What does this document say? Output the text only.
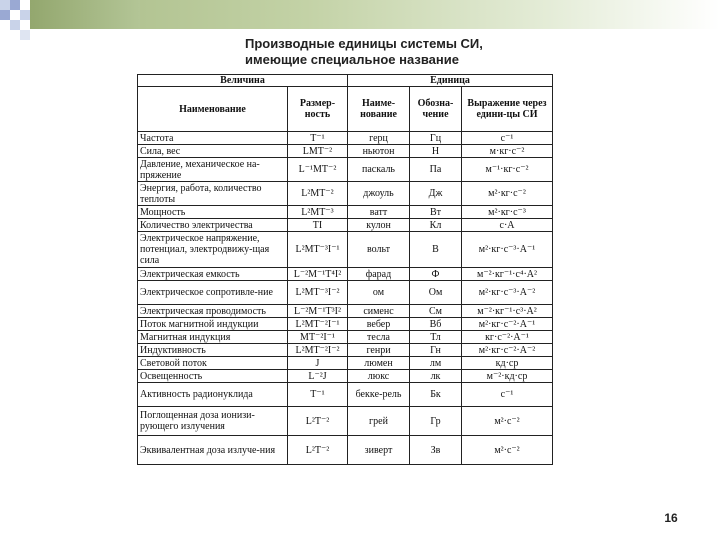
Производные единицы системы СИ,
имеющие специальное название
Величина		Единица		
Наименование	Размер-ность	Наиме-нование	Обозна-чение	Выражение через едини-цы СИ
Частота	T⁻¹	герц	Гц	с⁻¹
Сила, вес	LMT⁻²	ньютон	Н	м·кг·с⁻²
Давление, механическое на-пряжение	L⁻¹MT⁻²	паскаль	Па	м⁻¹·кг·с⁻²
Энергия, работа, количество теплоты	L²MT⁻²	джоуль	Дж	м²·кг·с⁻²
Мощность	L²MT⁻³	ватт	Вт	м²·кг·с⁻³
Количество электричества	TI	кулон	Кл	с·А
Электрическое напряжение, потенциал, электродвижу-щая сила	L²MT⁻³I⁻¹	вольт	В	м²·кг·с⁻³·А⁻¹
Электрическая емкость	L⁻²M⁻¹T⁴I²	фарад	Ф	м⁻²·кг⁻¹·с⁴·А²
Электрическое сопротивле-ние	L²MT⁻³I⁻²	ом	Ом	м²·кг·с⁻³·А⁻²
Электрическая проводимость	L⁻²M⁻¹T³I²	сименс	См	м⁻²·кг⁻¹·с³·А²
Поток магнитной индукции	L²MT⁻²I⁻¹	вебер	Вб	м²·кг·с⁻²·А⁻¹
Магнитная индукция	MT⁻²I⁻¹	тесла	Тл	кг·с⁻²·А⁻¹
Индуктивность	L²MT⁻²I⁻²	генри	Гн	м²·кг·с⁻²·А⁻²
Световой поток	J	люмен	лм	кд·ср
Освещенность	L⁻²J	люкс	лк	м⁻²·кд·ср
Активность радионуклида	T⁻¹	беккe-рель	Бк	с⁻¹
Поглощенная доза ионизи-рующего излучения	L²T⁻²	грей	Гр	м²·с⁻²
Эквивалентная доза излуче-ния	L²T⁻²	зиверт	Зв	м²·с⁻²
16
